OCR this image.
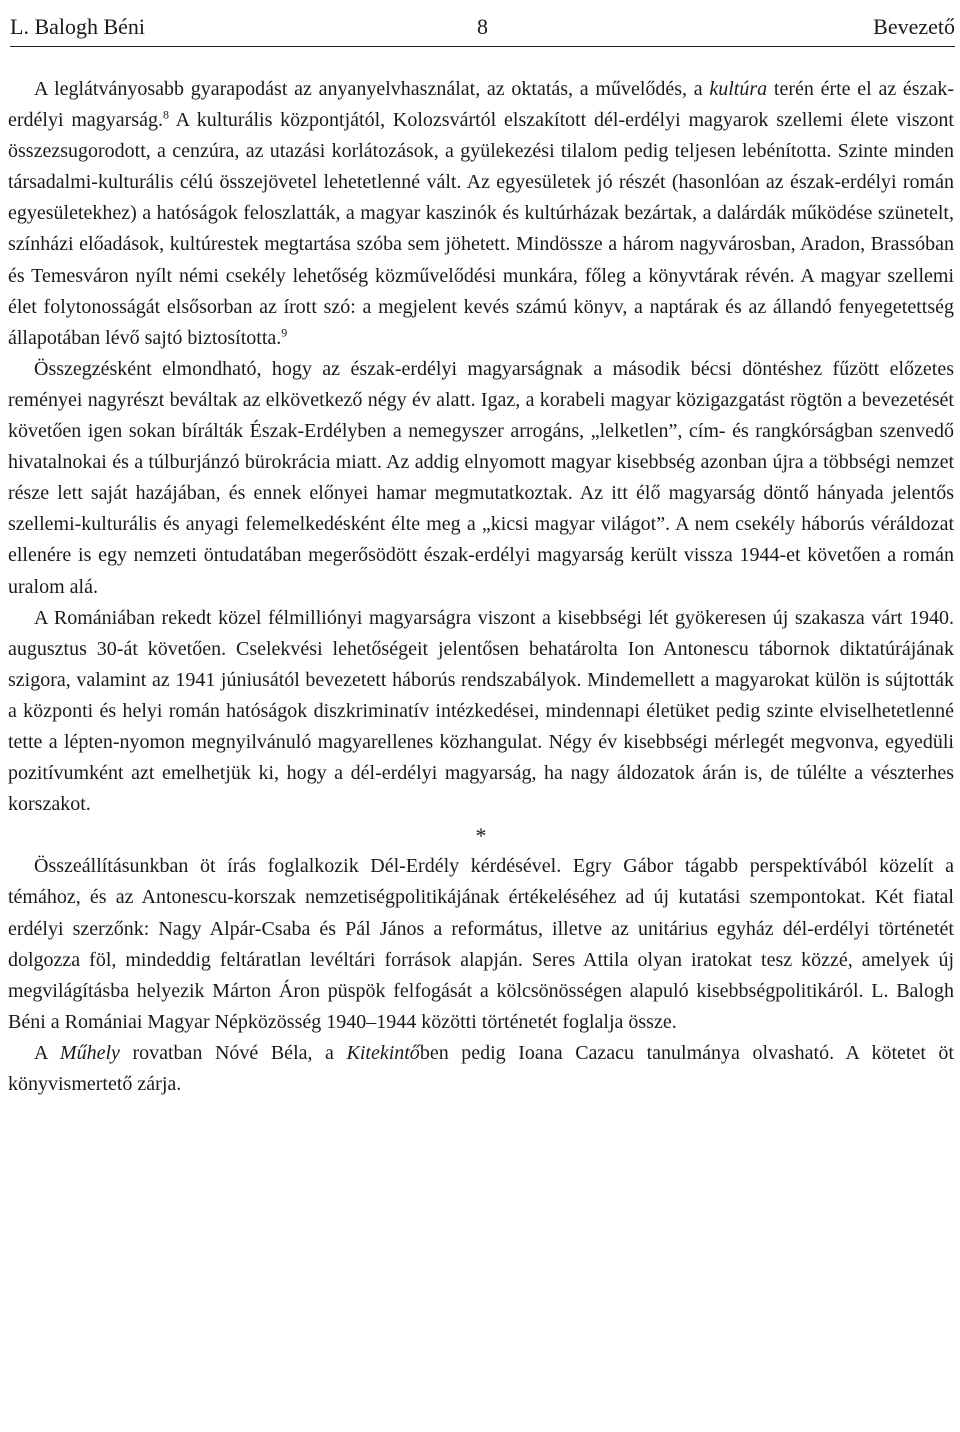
L. Balogh Béni	8	Bevezető

A leglátványosabb gyarapodást az anyanyelvhasználat, az oktatás, a művelődés, a kultúra terén érte el az észak-erdélyi magyarság.$^8$ A kulturális központjától, Kolozsvártól elszakított dél-erdélyi magyarok szellemi élete viszont összezsugorodott, a cenzúra, az utazási korlátozások, a gyülekezési tilalom pedig teljesen lebénította. Szinte minden társadalmi-kulturális célú összejövetel lehetetlenné vált. Az egyesületek jó részét (hasonlóan az észak-erdélyi román egyesületekhez) a hatóságok feloszlatták, a magyar kaszinók és kultúrházak bezártak, a dalárdák működése szünetelt, színházi előadások, kultúrestek megtartása szóba sem jöhetett. Mindössze a három nagyvárosban, Aradon, Brassóban és Temesváron nyílt némi csekély lehetőség közművelődési munkára, főleg a könyvtárak révén. A magyar szellemi élet folytonosságát elsősorban az írott szó: a megjelent kevés számú könyv, a naptárak és az állandó fenyegetettség állapotában lévő sajtó biztosította.$^9$

Összegzésként elmondható, hogy az észak-erdélyi magyarságnak a második bécsi döntéshez fűzött előzetes reményei nagyrészt beváltak az elkövetkező négy év alatt. Igaz, a korabeli magyar közigazgatást rögtön a bevezetését követően igen sokan bírálták Észak-Erdélyben a nemegyszer arrogáns, „lelketlen”, cím- és rangkórságban szenvedő hivatalnokai és a túlburjánzó bürokrácia miatt. Az addig elnyomott magyar kisebbség azonban újra a többségi nemzet része lett saját hazájában, és ennek előnyei hamar megmutatkoztak. Az itt élő magyarság döntő hányada jelentős szellemi-kulturális és anyagi felemelkedésként élte meg a „kicsi magyar világot”. A nem csekély háborús véráldozat ellenére is egy nemzeti öntudatában megerősödött észak-erdélyi magyarság került vissza 1944-et követően a román uralom alá.

A Romániában rekedt közel félmilliónyi magyarságra viszont a kisebbségi lét gyökeresen új szakasza várt 1940. augusztus 30-át követően. Cselekvési lehetőségeit jelentősen behatárolta Ion Antonescu tábornok diktatúrájának szigora, valamint az 1941 júniusától bevezetett háborús rendszabályok. Mindemellett a magyarokat külön is sújtották a központi és helyi román hatóságok diszkriminatív intézkedései, mindennapi életüket pedig szinte elviselhetetlenné tette a lépten-nyomon megnyilvánuló magyarellenes közhangulat. Négy év kisebbségi mérlegét megvonva, egyedüli pozitívumként azt emelhetjük ki, hogy a dél-erdélyi magyarság, ha nagy áldozatok árán is, de túlélte a vészterhes korszakot.

*

Összeállításunkban öt írás foglalkozik Dél-Erdély kérdésével. Egry Gábor tágabb perspektívából közelít a témához, és az Antonescu-korszak nemzetiségpolitikájának értékeléséhez ad új kutatási szempontokat. Két fiatal erdélyi szerzőnk: Nagy Alpár-Csaba és Pál János a református, illetve az unitárius egyház dél-erdélyi történetét dolgozza föl, mindeddig feltáratlan levéltári források alapján. Seres Attila olyan iratokat tesz közzé, amelyek új megvilágításba helyezik Márton Áron püspök felfogását a kölcsönösségen alapuló kisebbségpolitikáról. L. Balogh Béni a Romániai Magyar Népközösség 1940–1944 közötti történetét foglalja össze.

A Műhely rovatban Nóvé Béla, a Kitekintőben pedig Ioana Cazacu tanulmánya olvasható. A kötetet öt könyvismertető zárja.
